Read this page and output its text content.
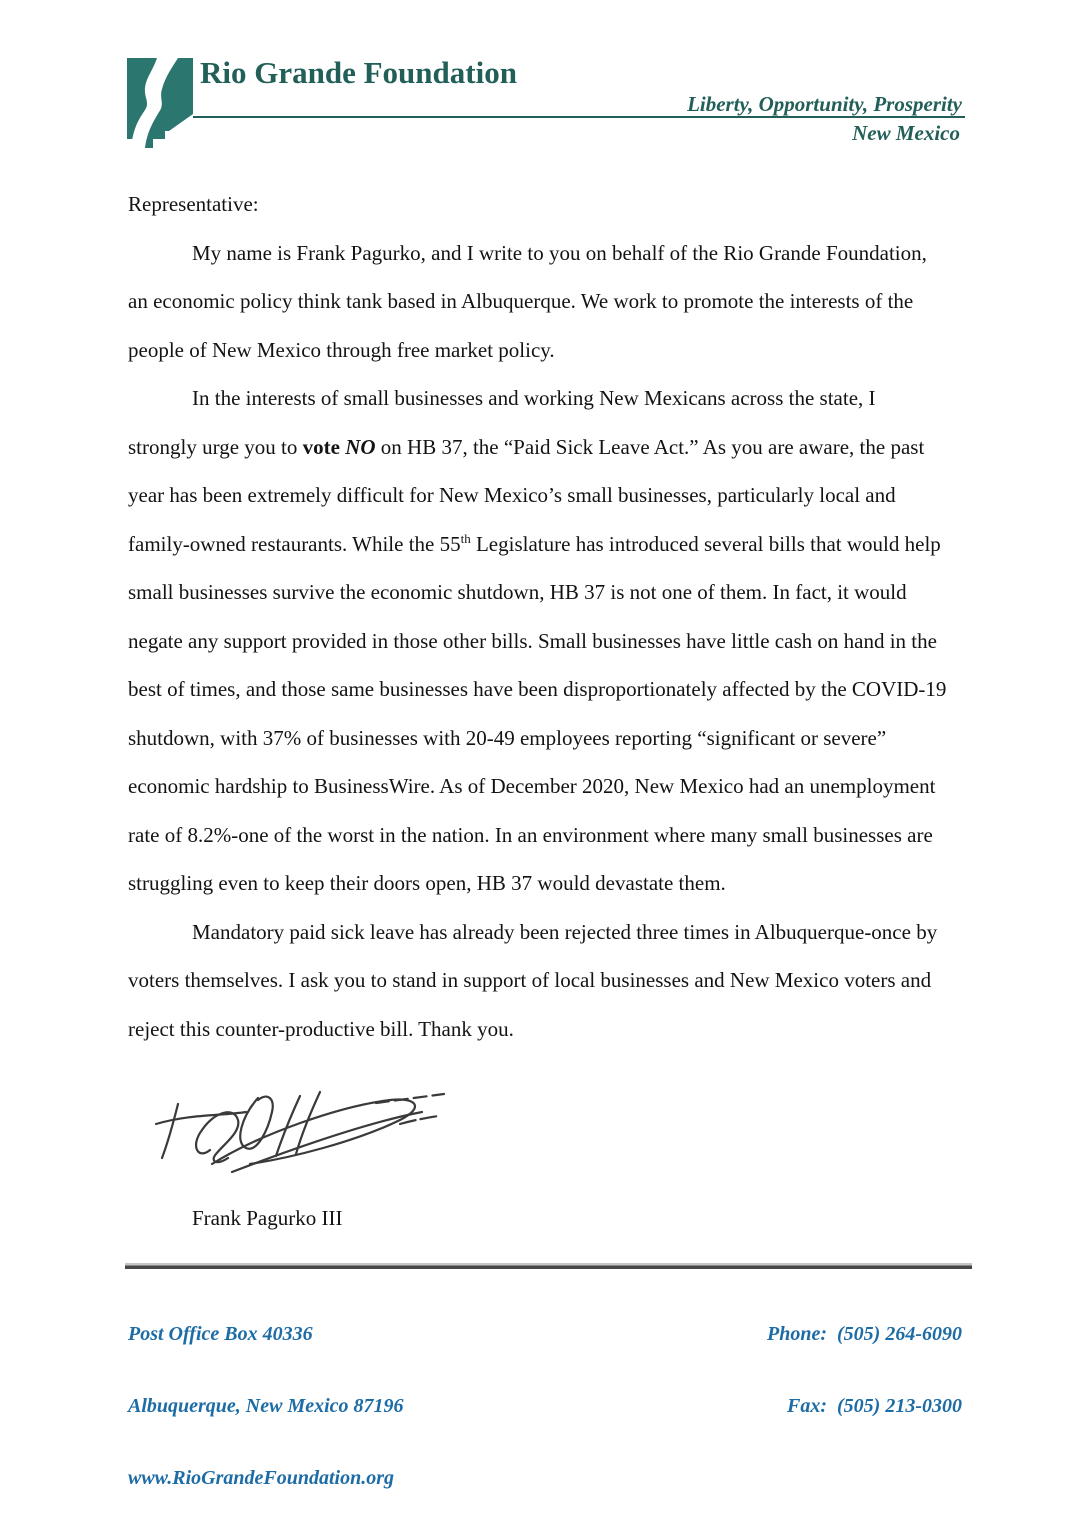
Rio Grande Foundation
Liberty, Opportunity, Prosperity
New Mexico
Representative:
My name is Frank Pagurko, and I write to you on behalf of the Rio Grande Foundation,
an economic policy think tank based in Albuquerque. We work to promote the interests of the
people of New Mexico through free market policy.
In the interests of small businesses and working New Mexicans across the state, I
strongly urge you to vote NO on HB 37, the “Paid Sick Leave Act.” As you are aware, the past
year has been extremely difficult for New Mexico’s small businesses, particularly local and
family-owned restaurants. While the 55th Legislature has introduced several bills that would help
small businesses survive the economic shutdown, HB 37 is not one of them. In fact, it would
negate any support provided in those other bills. Small businesses have little cash on hand in the
best of times, and those same businesses have been disproportionately affected by the COVID-19
shutdown, with 37% of businesses with 20-49 employees reporting “significant or severe”
economic hardship to BusinessWire. As of December 2020, New Mexico had an unemployment
rate of 8.2%-one of the worst in the nation. In an environment where many small businesses are
struggling even to keep their doors open, HB 37 would devastate them.
Mandatory paid sick leave has already been rejected three times in Albuquerque-once by
voters themselves. I ask you to stand in support of local businesses and New Mexico voters and
reject this counter-productive bill. Thank you.
Frank Pagurko III

Post Office Box 40336

Albuquerque, New Mexico 87196

www.RioGrandeFoundation.org

Phone:  (505) 264-6090

Fax:  (505) 213-0300
